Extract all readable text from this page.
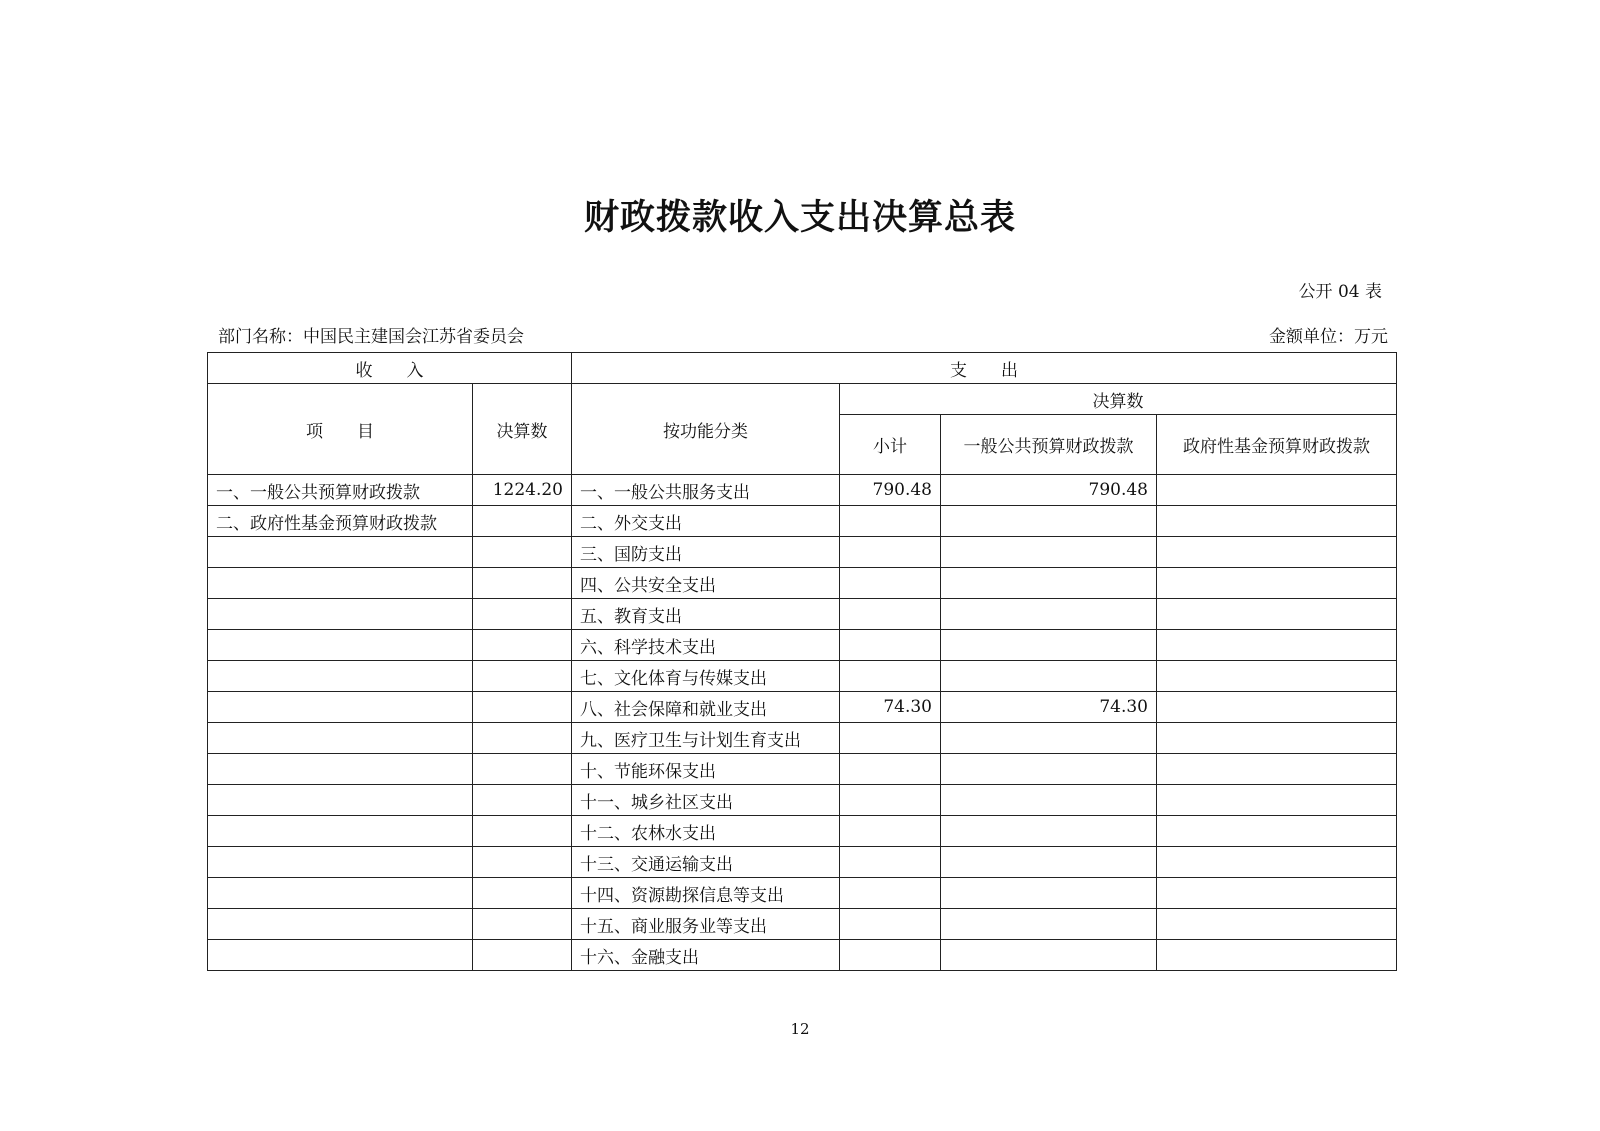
财政拨款收入支出决算总表
公开 04 表
部门名称：中国民主建国会江苏省委员会	金额单位：万元
收　　入		支　　出			
项　　目	决算数	按功能分类	决算数		
			小计	一般公共预算财政拨款	政府性基金预算财政拨款
一、一般公共预算财政拨款	1224.20	一、一般公共服务支出	790.48	790.48	
二、政府性基金预算财政拨款		二、外交支出			
		三、国防支出			
		四、公共安全支出			
		五、教育支出			
		六、科学技术支出			
		七、文化体育与传媒支出			
		八、社会保障和就业支出	74.30	74.30	
		九、医疗卫生与计划生育支出			
		十、节能环保支出			
		十一、城乡社区支出			
		十二、农林水支出			
		十三、交通运输支出			
		十四、资源勘探信息等支出			
		十五、商业服务业等支出			
		十六、金融支出			
12
